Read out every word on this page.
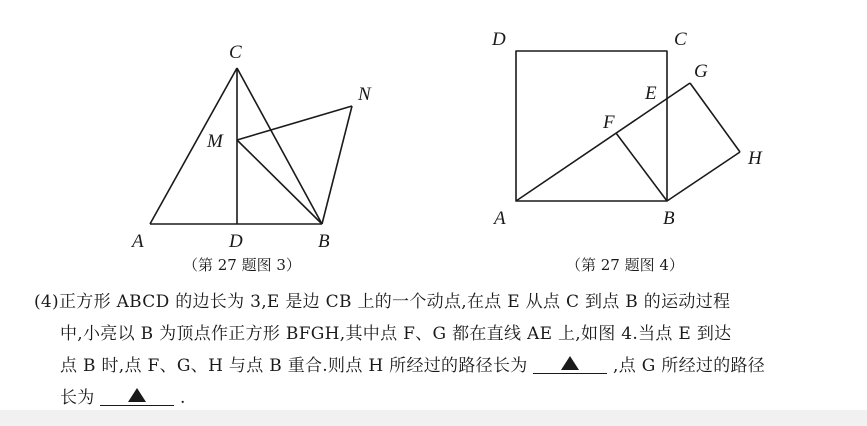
C
M
N
A	D	B
D	C
G
E
F
H
A	B
（第 27 题图 3）	（第 27 题图 4）
(4)正方形 ABCD 的边长为 3,E 是边 CB 上的一个动点,在点 E 从点 C 到点 B 的运动过程
中,小亮以 B 为顶点作正方形 BFGH,其中点 F、G 都在直线 AE 上,如图 4.当点 E 到达
点 B 时,点 F、G、H 与点 B 重合.则点 H 所经过的路径长为	,点 G 所经过的路径
长为	.
